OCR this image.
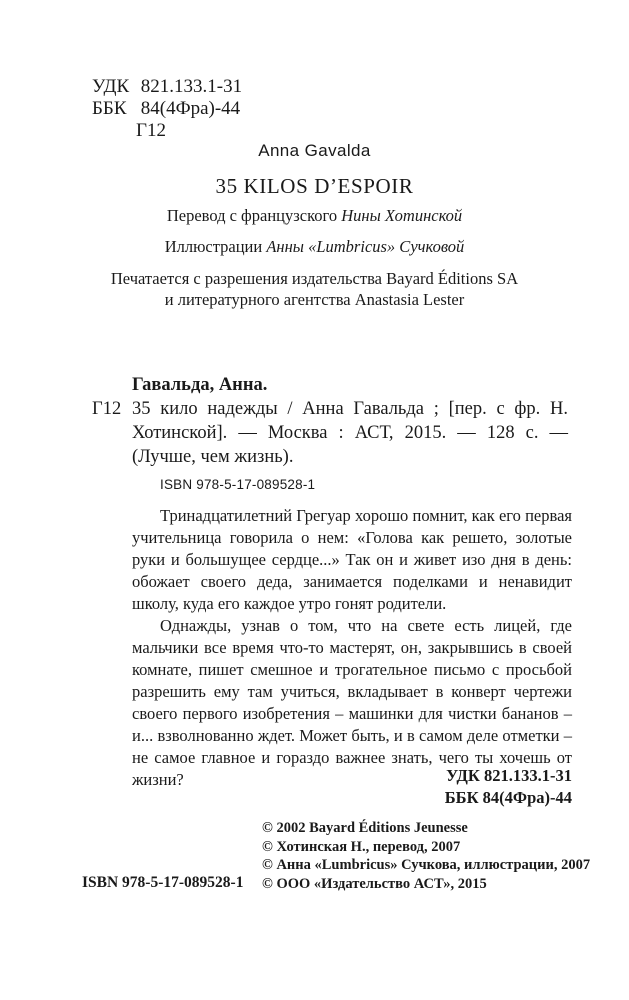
УДК 821.133.1-31
ББК 84(4Фра)-44
Г12
Anna Gavalda
35 KILOS D’ESPOIR
Перевод с французского Нины Хотинской
Иллюстрации Анны «Lumbricus» Сучковой
Печатается с разрешения издательства Bayard Éditions SA
и литературного агентства Anastasia Lester
Гавальда, Анна.
Г12 35 кило надежды / Анна Гавальда ; [пер. с фр. Н. Хотинской]. — Москва : АСТ, 2015. — 128 с. — (Лучше, чем жизнь).
ISBN 978-5-17-089528-1

Тринадцатилетний Грегуар хорошо помнит, как его первая учительница говорила о нем: «Голова как решето, золотые руки и большущее сердце...» Так он и живет изо дня в день: обожает своего деда, занимается поделками и ненавидит школу, куда его каждое утро гонят родители.

Однажды, узнав о том, что на свете есть лицей, где мальчики все время что-то мастерят, он, закрывшись в своей комнате, пишет смешное и трогательное письмо с просьбой разрешить ему там учиться, вкладывает в конверт чертежи своего первого изобретения – машинки для чистки бананов – и... взволнованно ждет. Может быть, и в самом деле отметки – не самое главное и гораздо важнее знать, чего ты хочешь от жизни?	УДК 821.133.1-31
ББК 84(4Фра)-44
© 2002 Bayard Éditions Jeunesse
© Хотинская Н., перевод, 2007
© Анна «Lumbricus» Сучкова, иллюстрации, 2007
© ООО «Издательство АСТ», 2015
ISBN 978-5-17-089528-1
